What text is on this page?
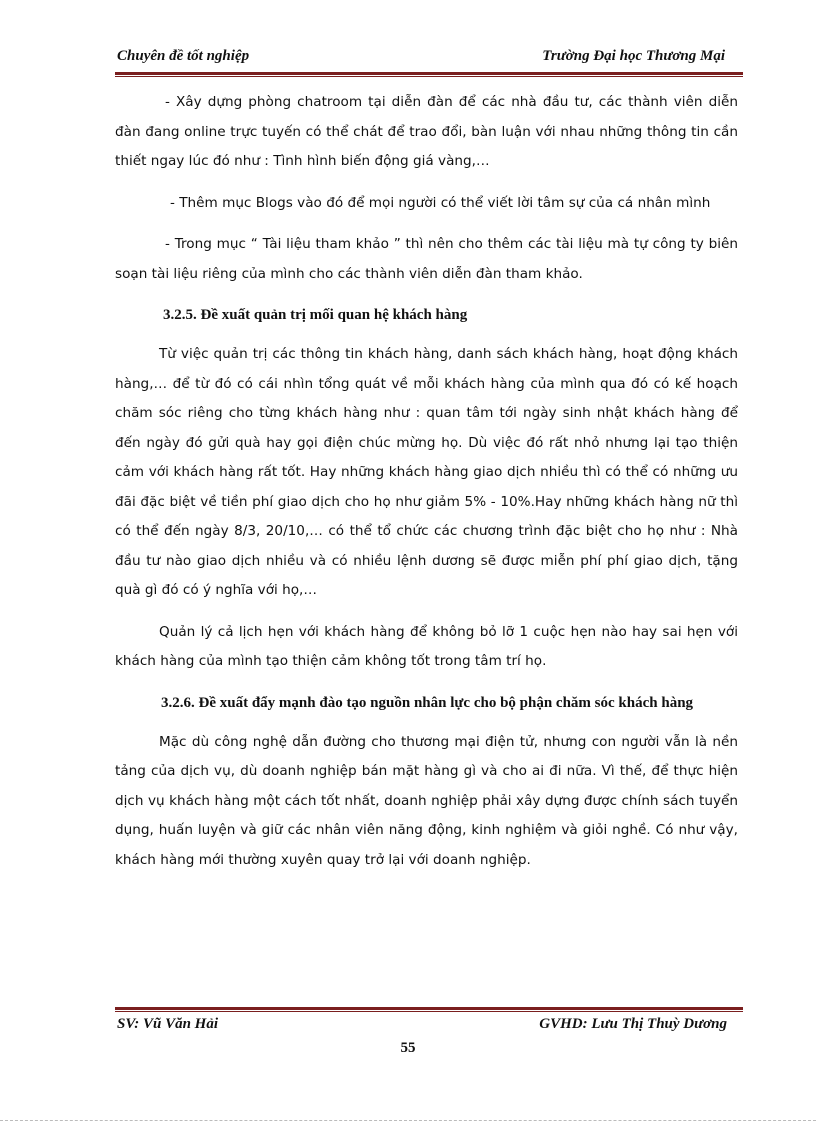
Chuyên đề tốt nghiệp	Trường Đại học Thương Mại

- Xây dựng phòng chatroom tại diễn đàn để các nhà đầu tư, các thành viên diễn đàn đang online trực tuyến có thể chát để trao đổi, bàn luận với nhau những thông tin cần thiết ngay lúc đó như : Tình hình biến động giá vàng,…

- Thêm mục Blogs vào đó để mọi người có thể viết lời tâm sự của cá nhân mình

- Trong mục “ Tài liệu tham khảo ” thì nên cho thêm các tài liệu mà tự công ty biên soạn tài liệu riêng của mình cho các thành viên diễn đàn tham khảo.

3.2.5. Đề xuất quản trị mối quan hệ khách hàng

Từ việc quản trị các thông tin khách hàng, danh sách khách hàng, hoạt động khách hàng,… để từ đó có cái nhìn tổng quát về mỗi khách hàng của mình qua đó có kế hoạch chăm sóc riêng cho từng khách hàng như : quan tâm tới ngày sinh nhật khách hàng để đến ngày đó gửi quà hay gọi điện chúc mừng họ. Dù việc đó rất nhỏ nhưng lại tạo thiện cảm với khách hàng rất tốt. Hay những khách hàng giao dịch nhiều thì có thể có những ưu đãi đặc biệt về tiền phí giao dịch cho họ như giảm 5% - 10%.Hay những khách hàng nữ thì có thể đến ngày 8/3, 20/10,… có thể tổ chức các chương trình đặc biệt cho họ như : Nhà đầu tư nào giao dịch nhiều và có nhiều lệnh dương sẽ được miễn phí phí giao dịch, tặng quà gì đó có ý nghĩa với họ,…

Quản lý cả lịch hẹn với khách hàng để không bỏ lỡ 1 cuộc hẹn nào hay sai hẹn với khách hàng của mình tạo thiện cảm không tốt trong tâm trí họ.

3.2.6. Đề xuất đẩy mạnh đào tạo nguồn nhân lực cho bộ phận chăm sóc khách hàng

Mặc dù công nghệ dẫn đường cho thương mại điện tử, nhưng con người vẫn là nền tảng của dịch vụ, dù doanh nghiệp bán mặt hàng gì và cho ai đi nữa. Vì thế, để thực hiện dịch vụ khách hàng một cách tốt nhất, doanh nghiệp phải xây dựng được chính sách tuyển dụng, huấn luyện và giữ các nhân viên năng động, kinh nghiệm và giỏi nghề. Có như vậy, khách hàng mới thường xuyên quay trở lại với doanh nghiệp.

SV: Vũ Văn Hải	GVHD: Lưu Thị Thuỳ Dương
55
